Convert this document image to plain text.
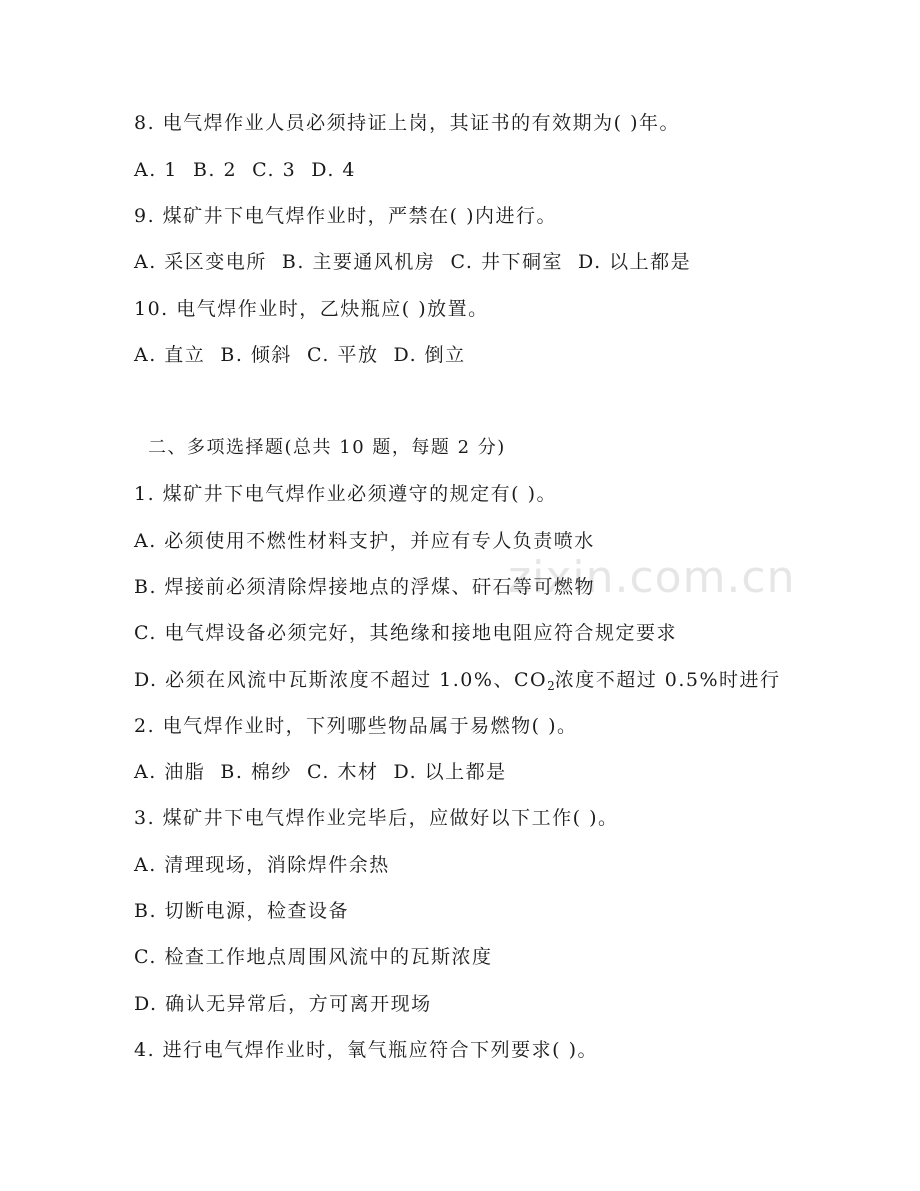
zixin.com.cn
8. 电气焊作业人员必须持证上岗，其证书的有效期为( )年。
A. 1  B. 2  C. 3  D. 4
9. 煤矿井下电气焊作业时，严禁在( )内进行。
A. 采区变电所  B. 主要通风机房  C. 井下硐室  D. 以上都是
10. 电气焊作业时，乙炔瓶应( )放置。
A. 直立  B. 倾斜  C. 平放  D. 倒立
二、多项选择题(总共 10 题，每题 2 分)
1. 煤矿井下电气焊作业必须遵守的规定有( )。
A. 必须使用不燃性材料支护，并应有专人负责喷水
B. 焊接前必须清除焊接地点的浮煤、矸石等可燃物
C. 电气焊设备必须完好，其绝缘和接地电阻应符合规定要求
D. 必须在风流中瓦斯浓度不超过 1.0%、$CO_2$浓度不超过 0.5%时进行
2. 电气焊作业时，下列哪些物品属于易燃物( )。
A. 油脂  B. 棉纱  C. 木材  D. 以上都是
3. 煤矿井下电气焊作业完毕后，应做好以下工作( )。
A. 清理现场，消除焊件余热
B. 切断电源，检查设备
C. 检查工作地点周围风流中的瓦斯浓度
D. 确认无异常后，方可离开现场
4. 进行电气焊作业时，氧气瓶应符合下列要求( )。
